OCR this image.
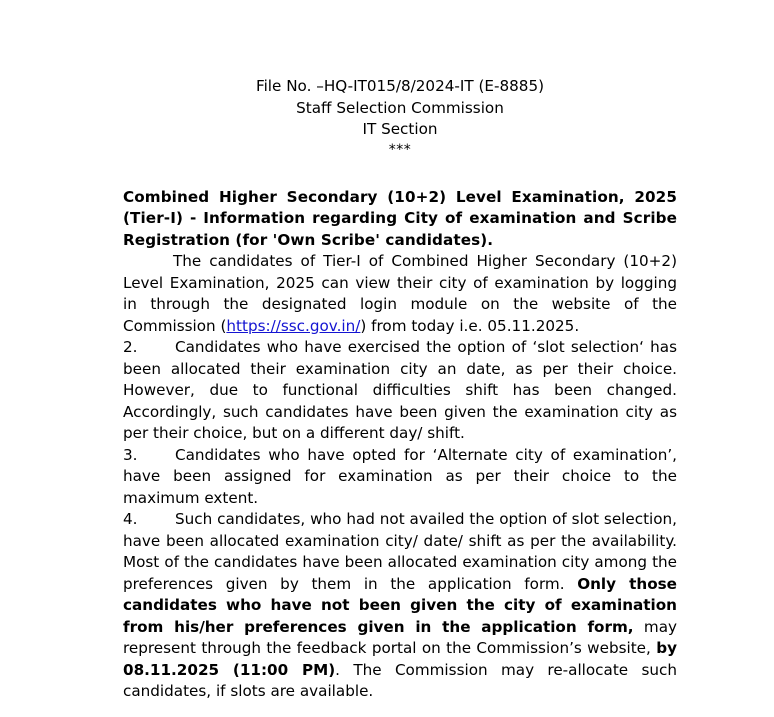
File No. –HQ-IT015/8/2024-IT (E-8885)
Staff Selection Commission
IT Section
***
Combined Higher Secondary (10+2) Level Examination, 2025 (Tier-I) - Information regarding City of examination and Scribe Registration (for 'Own Scribe' candidates).

The candidates of Tier-I of Combined Higher Secondary (10+2) Level Examination, 2025 can view their city of examination by logging in through the designated login module on the website of the Commission (https://ssc.gov.in/) from today i.e. 05.11.2025.

2. Candidates who have exercised the option of ‘slot selection‘ has been allocated their examination city an date, as per their choice. However, due to functional difficulties shift has been changed. Accordingly, such candidates have been given the examination city as per their choice, but on a different day/ shift.

3. Candidates who have opted for ‘Alternate city of examination’, have been assigned for examination as per their choice to the maximum extent.

4. Such candidates, who had not availed the option of slot selection, have been allocated examination city/ date/ shift as per the availability. Most of the candidates have been allocated examination city among the preferences given by them in the application form. Only those candidates who have not been given the city of examination from his/her preferences given in the application form, may represent through the feedback portal on the Commission’s website, by 08.11.2025 (11:00 PM). The Commission may re-allocate such candidates, if slots are available.
